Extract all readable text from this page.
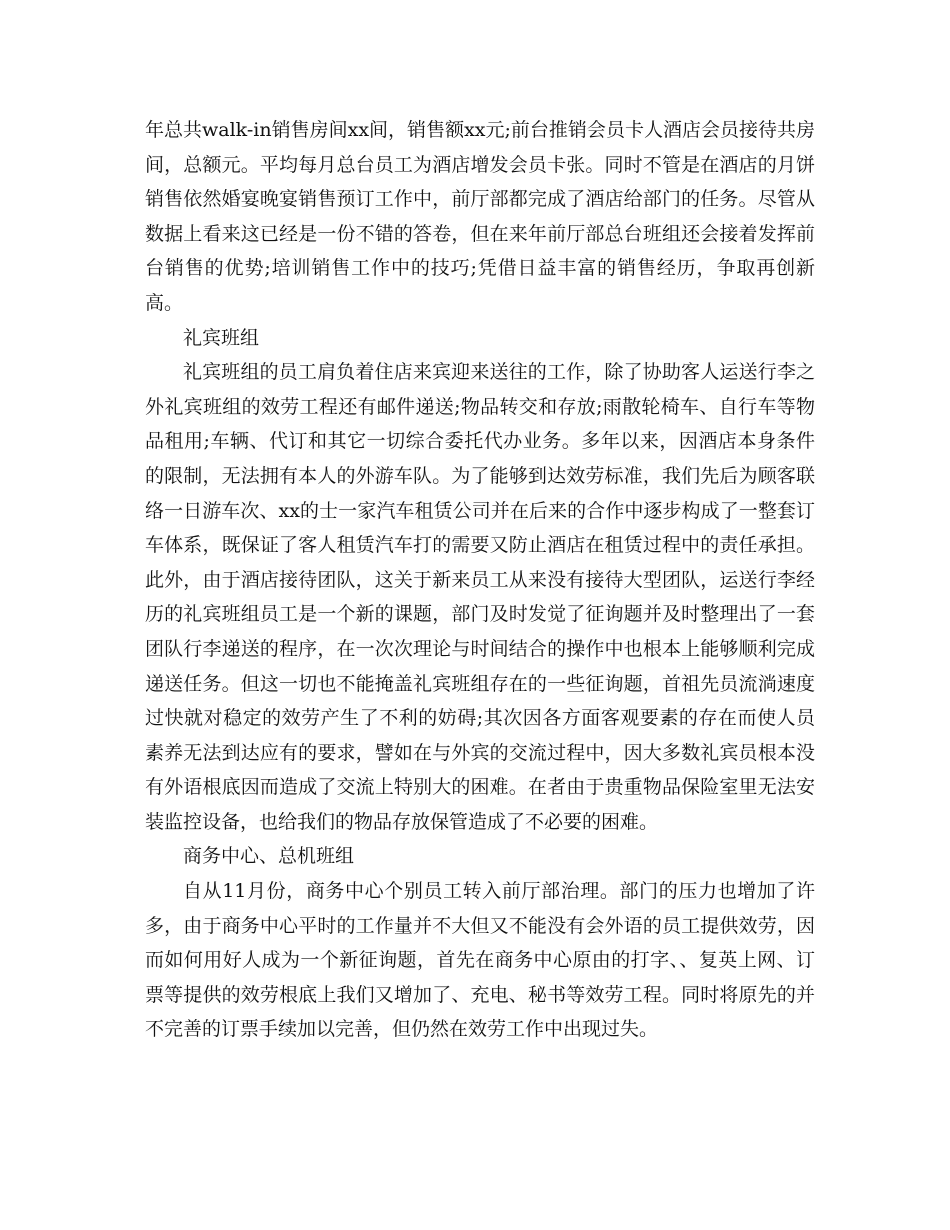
年总共walk-in销售房间xx间，销售额xx元;前台推销会员卡人酒店会员接待共房间，总额元。平均每月总台员工为酒店增发会员卡张。同时不管是在酒店的月饼销售依然婚宴晚宴销售预订工作中，前厅部都完成了酒店给部门的任务。尽管从数据上看来这已经是一份不错的答卷，但在来年前厅部总台班组还会接着发挥前台销售的优势;培训销售工作中的技巧;凭借日益丰富的销售经历，争取再创新高。

礼宾班组

礼宾班组的员工肩负着住店来宾迎来送往的工作，除了协助客人运送行李之外礼宾班组的效劳工程还有邮件递送;物品转交和存放;雨散轮椅车、自行车等物品租用;车辆、代订和其它一切综合委托代办业务。多年以来，因酒店本身条件的限制，无法拥有本人的外游车队。为了能够到达效劳标准，我们先后为顾客联络一日游车次、xx的士一家汽车租赁公司并在后来的合作中逐步构成了一整套订车体系，既保证了客人租赁汽车打的需要又防止酒店在租赁过程中的责任承担。此外，由于酒店接待团队，这关于新来员工从来没有接待大型团队，运送行李经历的礼宾班组员工是一个新的课题，部门及时发觉了征询题并及时整理出了一套团队行李递送的程序，在一次次理论与时间结合的操作中也根本上能够顺利完成递送任务。但这一切也不能掩盖礼宾班组存在的一些征询题，首祖先员流淌速度过快就对稳定的效劳产生了不利的妨碍;其次因各方面客观要素的存在而使人员素养无法到达应有的要求，譬如在与外宾的交流过程中，因大多数礼宾员根本没有外语根底因而造成了交流上特别大的困难。在者由于贵重物品保险室里无法安装监控设备，也给我们的物品存放保管造成了不必要的困难。

商务中心、总机班组

自从11月份，商务中心个别员工转入前厅部治理。部门的压力也增加了许多，由于商务中心平时的工作量并不大但又不能没有会外语的员工提供效劳，因而如何用好人成为一个新征询题，首先在商务中心原由的打字、、复英上网、订票等提供的效劳根底上我们又增加了、充电、秘书等效劳工程。同时将原先的并不完善的订票手续加以完善，但仍然在效劳工作中出现过失。
